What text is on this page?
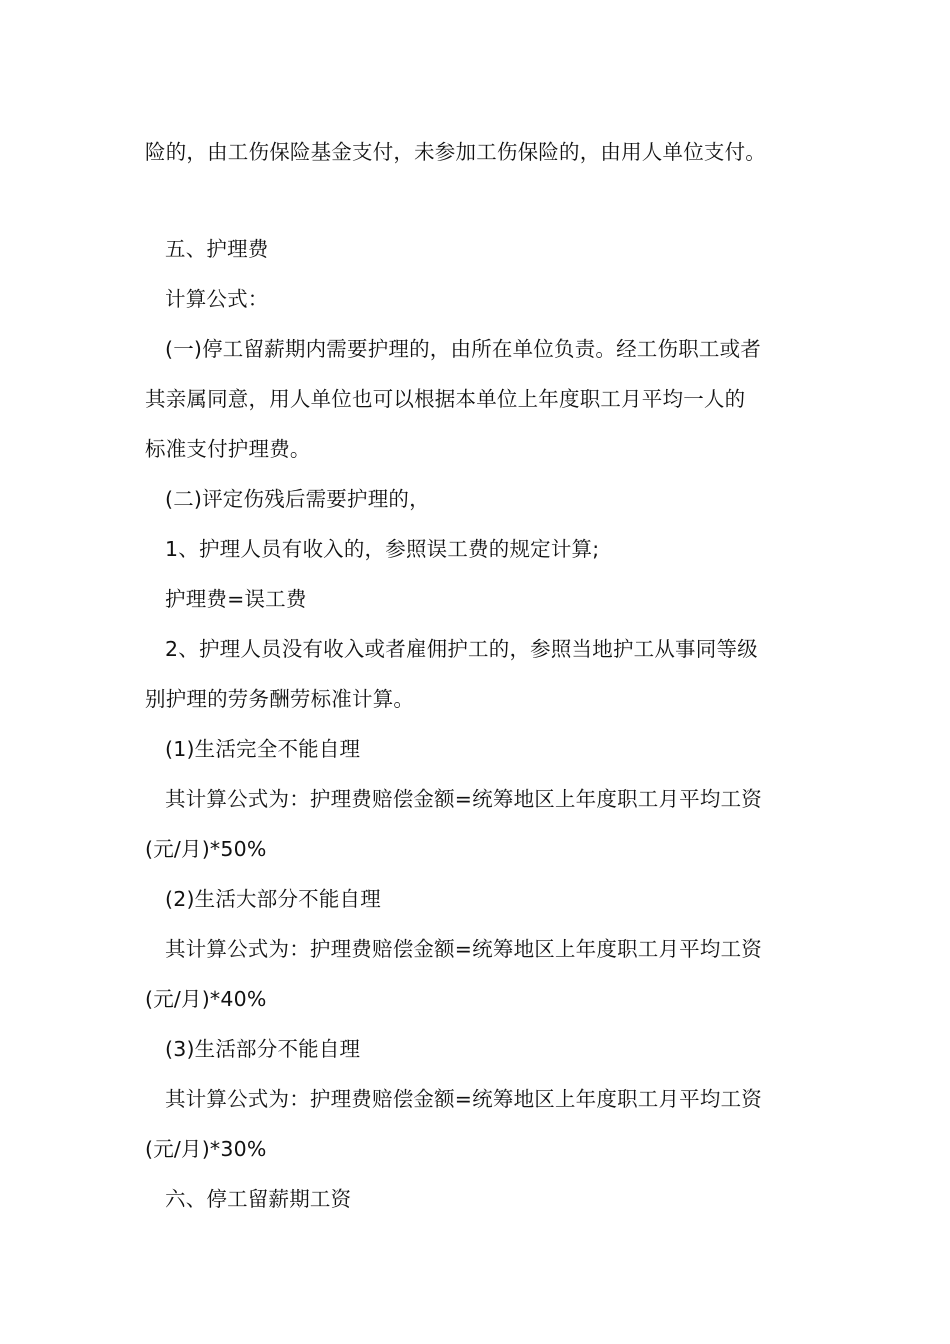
险的，由工伤保险基金支付，未参加工伤保险的，由用人单位支付。
五、护理费
计算公式：
(一)停工留薪期内需要护理的，由所在单位负责。经工伤职工或者
其亲属同意，用人单位也可以根据本单位上年度职工月平均一人的
标准支付护理费。
(二)评定伤残后需要护理的，
1、护理人员有收入的，参照误工费的规定计算;
护理费=误工费
2、护理人员没有收入或者雇佣护工的，参照当地护工从事同等级
别护理的劳务酬劳标准计算。
(1)生活完全不能自理
其计算公式为：护理费赔偿金额=统筹地区上年度职工月平均工资
(元/月)*50%
(2)生活大部分不能自理
其计算公式为：护理费赔偿金额=统筹地区上年度职工月平均工资
(元/月)*40%
(3)生活部分不能自理
其计算公式为：护理费赔偿金额=统筹地区上年度职工月平均工资
(元/月)*30%
六、停工留薪期工资
